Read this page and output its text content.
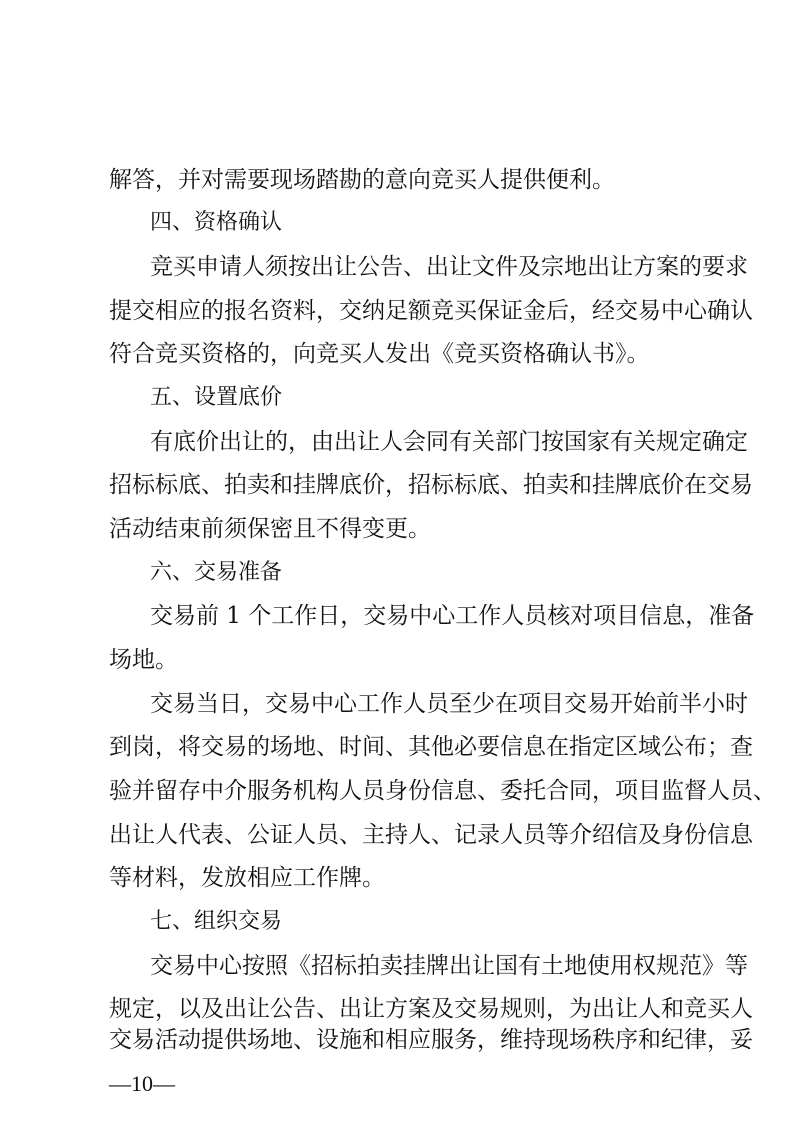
解答，并对需要现场踏勘的意向竞买人提供便利。
四、资格确认
竞买申请人须按出让公告、出让文件及宗地出让方案的要求
提交相应的报名资料，交纳足额竞买保证金后，经交易中心确认
符合竞买资格的，向竞买人发出《竞买资格确认书》。
五、设置底价
有底价出让的，由出让人会同有关部门按国家有关规定确定
招标标底、拍卖和挂牌底价，招标标底、拍卖和挂牌底价在交易
活动结束前须保密且不得变更。
六、交易准备
交易前 1 个工作日，交易中心工作人员核对项目信息，准备
场地。
交易当日，交易中心工作人员至少在项目交易开始前半小时
到岗，将交易的场地、时间、其他必要信息在指定区域公布；查
验并留存中介服务机构人员身份信息、委托合同，项目监督人员、
出让人代表、公证人员、主持人、记录人员等介绍信及身份信息
等材料，发放相应工作牌。
七、组织交易
交易中心按照《招标拍卖挂牌出让国有土地使用权规范》等
规定，以及出让公告、出让方案及交易规则，为出让人和竞买人
交易活动提供场地、设施和相应服务，维持现场秩序和纪律，妥
—10—
